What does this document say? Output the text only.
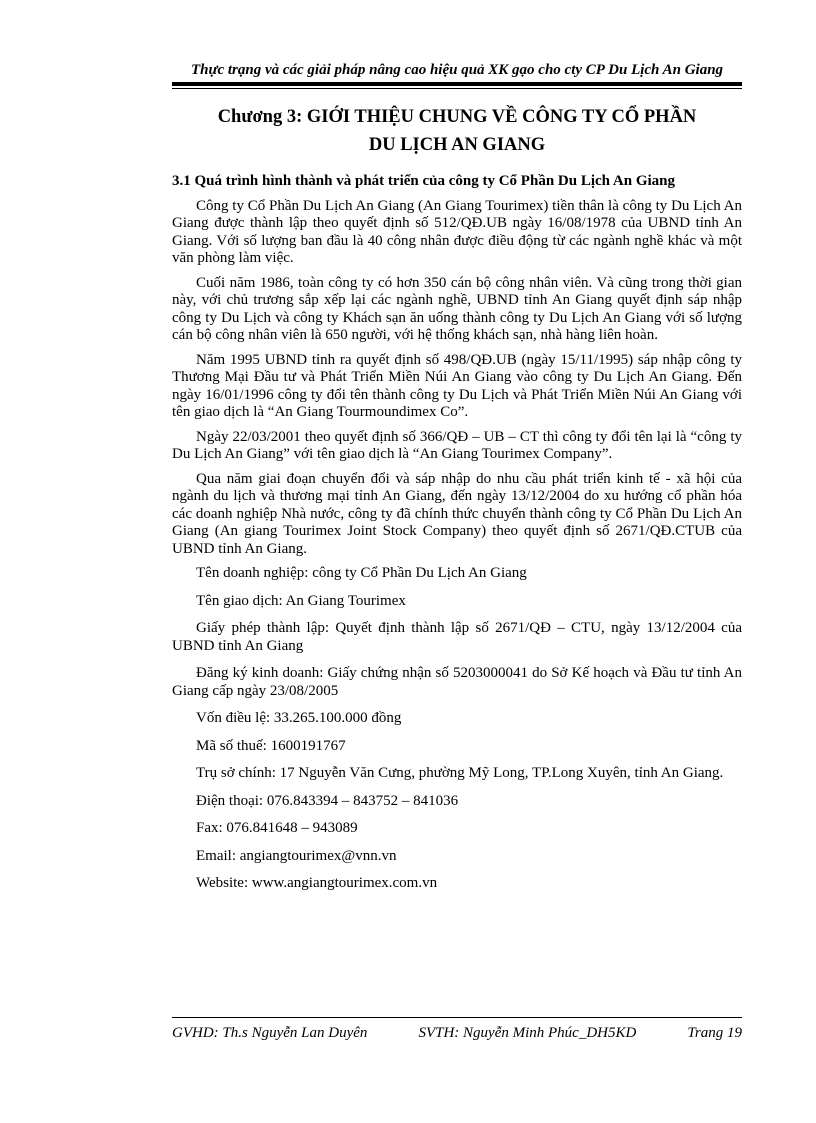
Thực trạng và các giải pháp nâng cao hiệu quả XK gạo cho cty CP Du Lịch An Giang
Chương 3: GIỚI THIỆU CHUNG VỀ CÔNG TY CỔ PHẦN
DU LỊCH AN GIANG
3.1 Quá trình hình thành và phát triển của công ty Cổ Phần Du Lịch An Giang

Công ty Cổ Phần Du Lịch An Giang (An Giang Tourimex) tiền thân là công ty Du Lịch An Giang được thành lập theo quyết định số 512/QĐ.UB ngày 16/08/1978 của UBND tỉnh An Giang. Với số lượng ban đầu là 40 công nhân được điều động từ các ngành nghề khác và một văn phòng làm việc.

Cuối năm 1986, toàn công ty có hơn 350 cán bộ công nhân viên. Và cũng trong thời gian này, với chủ trương sắp xếp lại các ngành nghề, UBND tỉnh An Giang quyết định sáp nhập công ty Du Lịch và công ty Khách sạn ăn uống thành công ty Du Lịch An Giang với số lượng cán bộ công nhân viên là 650 người, với hệ thống khách sạn, nhà hàng liên hoàn.

Năm 1995 UBND tỉnh ra quyết định số 498/QĐ.UB (ngày 15/11/1995) sáp nhập công ty Thương Mại Đầu tư và Phát Triển Miền Núi An Giang vào công ty Du Lịch An Giang. Đến ngày 16/01/1996 công ty đổi tên thành công ty Du Lịch và Phát Triển Miền Núi An Giang với tên giao dịch là “An Giang Tourmoundimex Co”.

Ngày 22/03/2001 theo quyết định số 366/QĐ – UB – CT thì công ty đổi tên lại là “công ty Du Lịch An Giang” với tên giao dịch là “An Giang Tourimex Company”.

Qua năm giai đoạn chuyển đổi và sáp nhập do nhu cầu phát triển kinh tế - xã hội của ngành du lịch và thương mại tỉnh An Giang, đến ngày 13/12/2004 do xu hướng cổ phần hóa các doanh nghiệp Nhà nước, công ty đã chính thức chuyển thành công ty Cổ Phần Du Lịch An Giang (An giang Tourimex Joint Stock Company) theo quyết định số 2671/QĐ.CTUB của UBND tỉnh An Giang.

Tên doanh nghiệp: công ty Cổ Phần Du Lịch An Giang

Tên giao dịch: An Giang Tourimex

Giấy phép thành lập: Quyết định thành lập số 2671/QĐ – CTU, ngày 13/12/2004 của UBND tỉnh An Giang

Đăng ký kinh doanh: Giấy chứng nhận số 5203000041 do Sở Kế hoạch và Đầu tư tỉnh An Giang cấp ngày 23/08/2005

Vốn điều lệ: 33.265.100.000 đồng

Mã số thuế: 1600191767

Trụ sở chính: 17 Nguyễn Văn Cưng, phường Mỹ Long, TP.Long Xuyên, tỉnh An Giang.

Điện thoại: 076.843394 – 843752 – 841036

Fax: 076.841648 – 943089

Email: angiangtourimex@vnn.vn

Website: www.angiangtourimex.com.vn

GVHD: Th.s Nguyễn Lan Duyên	SVTH: Nguyễn Minh Phúc_DH5KD	Trang 19
